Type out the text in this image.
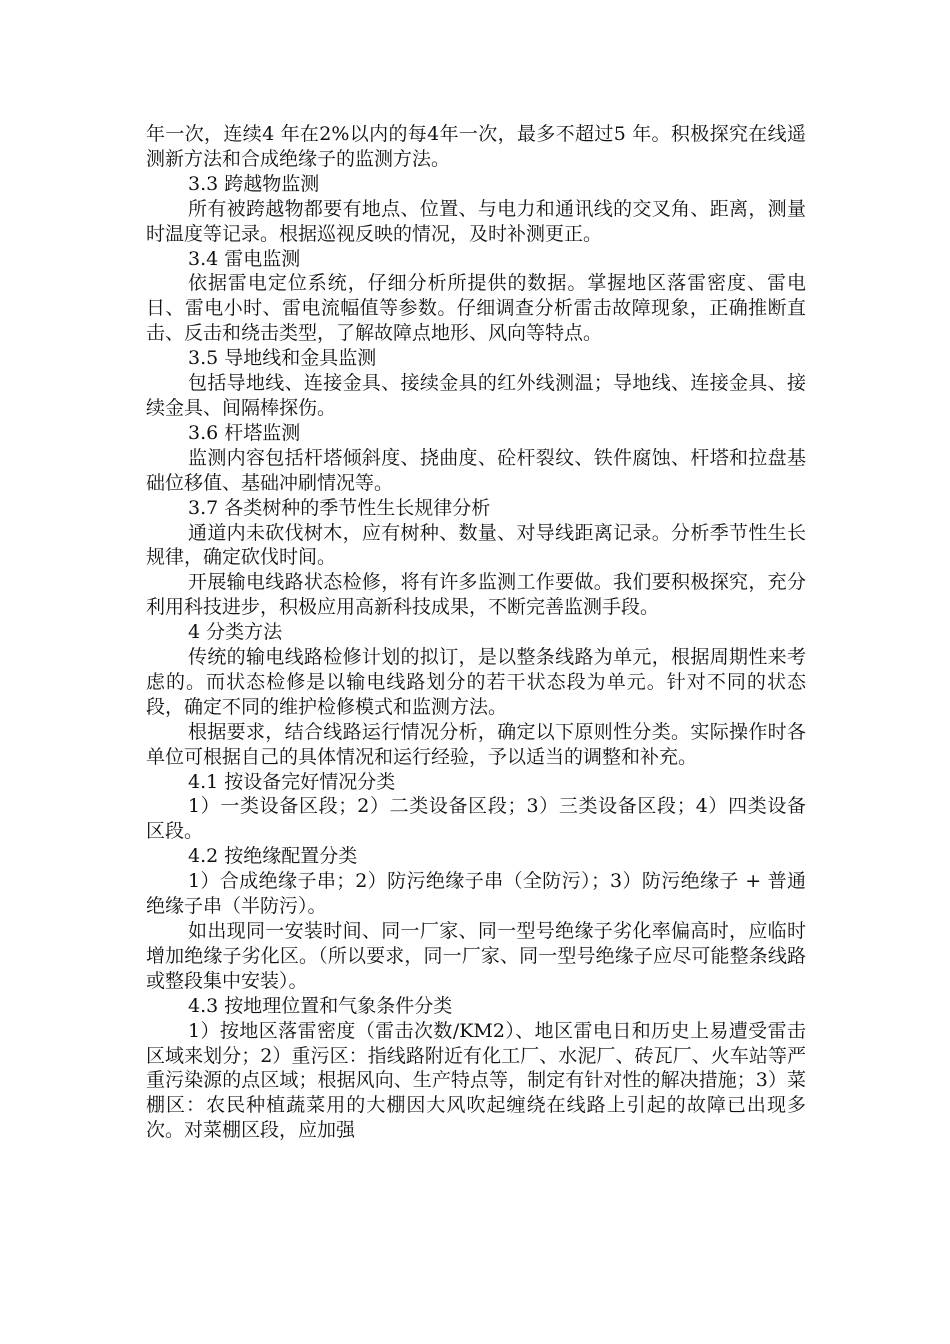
年一次，连续4 年在2%以内的每4年一次，最多不超过5 年。积极探究在线遥测新方法和合成绝缘子的监测方法。

3.3 跨越物监测

所有被跨越物都要有地点、位置、与电力和通讯线的交叉角、距离，测量时温度等记录。根据巡视反映的情况，及时补测更正。

3.4 雷电监测

依据雷电定位系统，仔细分析所提供的数据。掌握地区落雷密度、雷电日、雷电小时、雷电流幅值等参数。仔细调查分析雷击故障现象，正确推断直击、反击和绕击类型，了解故障点地形、风向等特点。

3.5 导地线和金具监测

包括导地线、连接金具、接续金具的红外线测温；导地线、连接金具、接续金具、间隔棒探伤。

3.6 杆塔监测

监测内容包括杆塔倾斜度、挠曲度、砼杆裂纹、铁件腐蚀、杆塔和拉盘基础位移值、基础冲刷情况等。

3.7 各类树种的季节性生长规律分析

通道内未砍伐树木，应有树种、数量、对导线距离记录。分析季节性生长规律，确定砍伐时间。

开展输电线路状态检修，将有许多监测工作要做。我们要积极探究，充分利用科技进步，积极应用高新科技成果，不断完善监测手段。

4 分类方法

传统的输电线路检修计划的拟订，是以整条线路为单元，根据周期性来考虑的。而状态检修是以输电线路划分的若干状态段为单元。针对不同的状态段，确定不同的维护检修模式和监测方法。

根据要求，结合线路运行情况分析，确定以下原则性分类。实际操作时各单位可根据自己的具体情况和运行经验，予以适当的调整和补充。

4.1 按设备完好情况分类

1）一类设备区段；2）二类设备区段；3）三类设备区段；4）四类设备区段。

4.2 按绝缘配置分类

1）合成绝缘子串；2）防污绝缘子串（全防污）；3）防污绝缘子 + 普通绝缘子串（半防污）。

如出现同一安装时间、同一厂家、同一型号绝缘子劣化率偏高时，应临时增加绝缘子劣化区。（所以要求，同一厂家、同一型号绝缘子应尽可能整条线路或整段集中安装）。

4.3 按地理位置和气象条件分类

1）按地区落雷密度（雷击次数/KM2）、地区雷电日和历史上易遭受雷击区域来划分；2）重污区：指线路附近有化工厂、水泥厂、砖瓦厂、火车站等严重污染源的点区域；根据风向、生产特点等，制定有针对性的解决措施；3）菜棚区：农民种植蔬菜用的大棚因大风吹起缠绕在线路上引起的故障已出现多次。对菜棚区段，应加强
